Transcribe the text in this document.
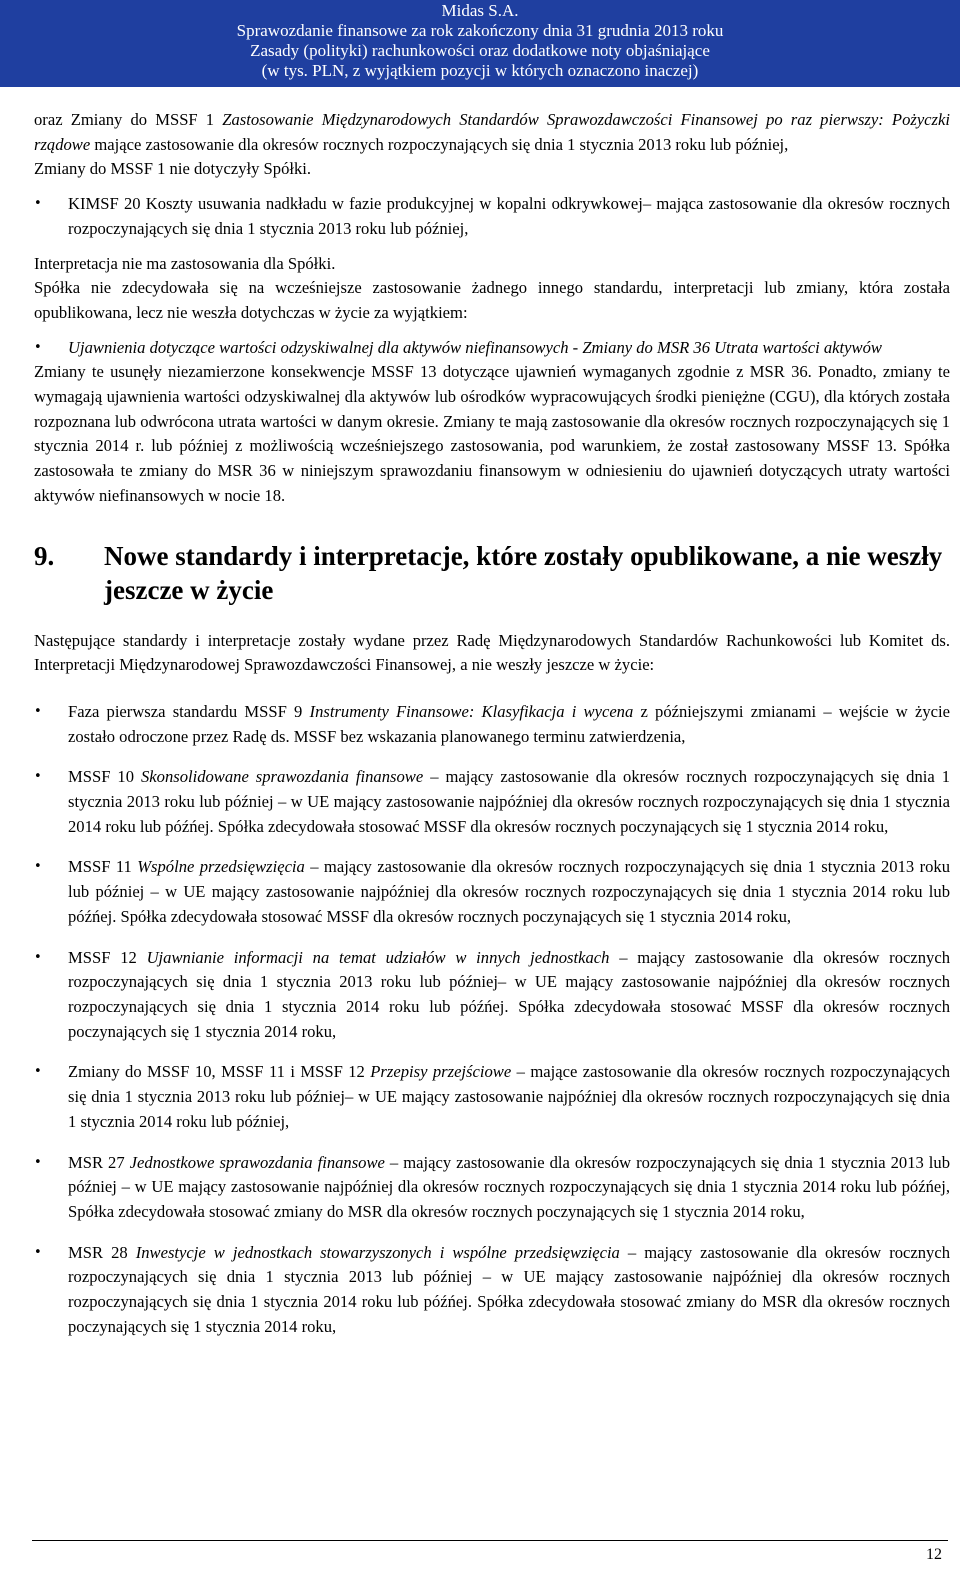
Midas S.A.
Sprawozdanie finansowe za rok zakończony dnia 31 grudnia 2013 roku
Zasady (polityki) rachunkowości oraz dodatkowe noty objaśniające
(w tys. PLN, z wyjątkiem pozycji w których oznaczono inaczej)

oraz Zmiany do MSSF 1 Zastosowanie Międzynarodowych Standardów Sprawozdawczości Finansowej po raz pierwszy: Pożyczki rządowe mające zastosowanie dla okresów rocznych rozpoczynających się dnia 1 stycznia 2013 roku lub później,

Zmiany do MSSF 1 nie dotyczyły Spółki.

• KIMSF 20 Koszty usuwania nadkładu w fazie produkcyjnej w kopalni odkrywkowej– mająca zastosowanie dla okresów rocznych rozpoczynających się dnia 1 stycznia 2013 roku lub później,

Interpretacja nie ma zastosowania dla Spółki.

Spółka nie zdecydowała się na wcześniejsze zastosowanie żadnego innego standardu, interpretacji lub zmiany, która została opublikowana, lecz nie weszła dotychczas w życie za wyjątkiem:

• Ujawnienia dotyczące wartości odzyskiwalnej dla aktywów niefinansowych - Zmiany do MSR 36 Utrata wartości aktywów

Zmiany te usunęły niezamierzone konsekwencje MSSF 13 dotyczące ujawnień wymaganych zgodnie z MSR 36. Ponadto, zmiany te wymagają ujawnienia wartości odzyskiwalnej dla aktywów lub ośrodków wypracowujących środki pieniężne (CGU), dla których została rozpoznana lub odwrócona utrata wartości w danym okresie. Zmiany te mają zastosowanie dla okresów rocznych rozpoczynających się 1 stycznia 2014 r. lub później z możliwością wcześniejszego zastosowania, pod warunkiem, że został zastosowany MSSF 13. Spółka zastosowała te zmiany do MSR 36 w niniejszym sprawozdaniu finansowym w odniesieniu do ujawnień dotyczących utraty wartości aktywów niefinansowych w nocie 18.

9.	Nowe standardy i interpretacje, które zostały opublikowane, a nie weszły jeszcze w życie

Następujące standardy i interpretacje zostały wydane przez Radę Międzynarodowych Standardów Rachunkowości lub Komitet ds. Interpretacji Międzynarodowej Sprawozdawczości Finansowej, a nie weszły jeszcze w życie:

• Faza pierwsza standardu MSSF 9 Instrumenty Finansowe: Klasyfikacja i wycena z późniejszymi zmianami – wejście w życie zostało odroczone przez Radę ds. MSSF bez wskazania planowanego terminu zatwierdzenia,
• MSSF 10 Skonsolidowane sprawozdania finansowe – mający zastosowanie dla okresów rocznych rozpoczynających się dnia 1 stycznia 2013 roku lub później – w UE mający zastosowanie najpóźniej dla okresów rocznych rozpoczynających się dnia 1 stycznia 2014 roku lub późńej. Spółka zdecydowała stosować MSSF dla okresów rocznych poczynających się 1 stycznia 2014 roku,
• MSSF 11 Wspólne przedsięwzięcia – mający zastosowanie dla okresów rocznych rozpoczynających się dnia 1 stycznia 2013 roku lub później – w UE mający zastosowanie najpóźniej dla okresów rocznych rozpoczynających się dnia 1 stycznia 2014 roku lub późńej. Spółka zdecydowała stosować MSSF dla okresów rocznych poczynających się 1 stycznia 2014 roku,
• MSSF 12 Ujawnianie informacji na temat udziałów w innych jednostkach – mający zastosowanie dla okresów rocznych rozpoczynających się dnia 1 stycznia 2013 roku lub później– w UE mający zastosowanie najpóźniej dla okresów rocznych rozpoczynających się dnia 1 stycznia 2014 roku lub późńej. Spółka zdecydowała stosować MSSF dla okresów rocznych poczynających się 1 stycznia 2014 roku,
• Zmiany do MSSF 10, MSSF 11 i MSSF 12 Przepisy przejściowe – mające zastosowanie dla okresów rocznych rozpoczynających się dnia 1 stycznia 2013 roku lub później– w UE mający zastosowanie najpóźniej dla okresów rocznych rozpoczynających się dnia 1 stycznia 2014 roku lub później,
• MSR 27 Jednostkowe sprawozdania finansowe – mający zastosowanie dla okresów rozpoczynających się dnia 1 stycznia 2013 lub później – w UE mający zastosowanie najpóźniej dla okresów rocznych rozpoczynających się dnia 1 stycznia 2014 roku lub późńej, Spółka zdecydowała stosować zmiany do MSR dla okresów rocznych poczynających się 1 stycznia 2014 roku,
• MSR 28 Inwestycje w jednostkach stowarzyszonych i wspólne przedsięwzięcia – mający zastosowanie dla okresów rocznych rozpoczynających się dnia 1 stycznia 2013 lub później – w UE mający zastosowanie najpóźniej dla okresów rocznych rozpoczynających się dnia 1 stycznia 2014 roku lub późńej. Spółka zdecydowała stosować zmiany do MSR dla okresów rocznych poczynających się 1 stycznia 2014 roku,
12
